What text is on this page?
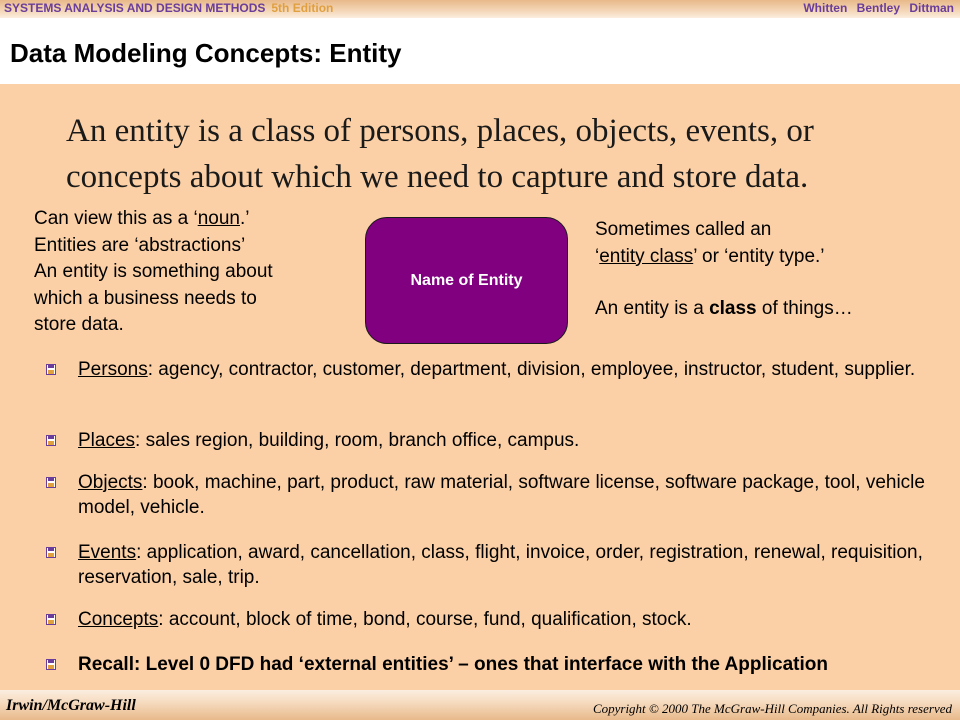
SYSTEMS ANALYSIS AND DESIGN METHODS 5th Edition	Whitten Bentley Dittman
Data Modeling Concepts: Entity
An entity is a class of persons, places, objects, events, or concepts about which we need to capture and store data.
Can view this as a ‘noun.’
Entities are ‘abstractions’
An entity is something about
which a business needs to
store data.
Name of Entity
Sometimes called an
‘entity class’ or ‘entity type.’
An entity is a class of things…
Persons: agency, contractor, customer, department, division, employee, instructor, student, supplier.
Places: sales region, building, room, branch office, campus.
Objects: book, machine, part, product, raw material, software license, software package, tool, vehicle model, vehicle.
Events: application, award, cancellation, class, flight, invoice, order, registration, renewal, requisition, reservation, sale, trip.
Concepts: account, block of time, bond, course, fund, qualification, stock.
Recall: Level 0 DFD had ‘external entities’ – ones that interface with the Application
Irwin/McGraw-Hill	Copyright © 2000 The McGraw-Hill Companies. All Rights reserved
